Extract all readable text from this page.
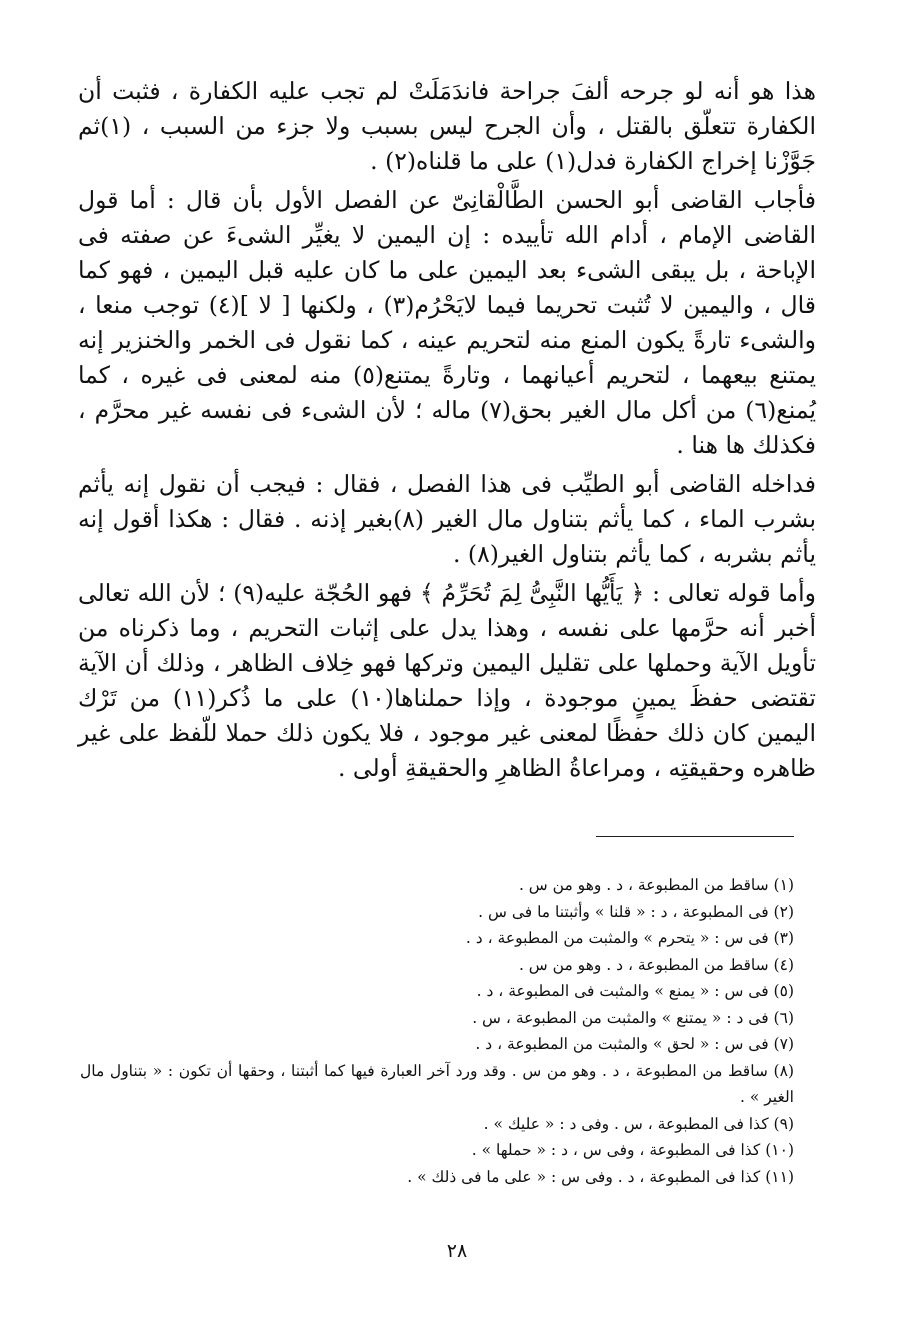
هذا هو أنه لو جرحه ألفَ جراحة فاندَمَلَتْ لم تجب عليه الكفارة ، فثبت أن الكفارة تتعلّق بالقتل ، وأن الجرح ليس بسبب ولا جزء من السبب ، (١)ثم جَوَّزْنا إخراج الكفارة فدل(١) على ما قلناه(٢) .

فأجاب القاضى أبو الحسن الطَّالْقانِىّ عن الفصل الأول بأن قال : أما قول القاضى الإمام ، أدام الله تأييده : إن اليمين لا يغيِّر الشىءَ عن صفته فى الإباحة ، بل يبقى الشىء بعد اليمين على ما كان عليه قبل اليمين ، فهو كما قال ، واليمين لا تُثبت تحريما فيما لايَحْرُم(٣) ، ولكنها [ لا ](٤) توجب منعا ، والشىء تارةً يكون المنع منه لتحريم عينه ، كما نقول فى الخمر والخنزير إنه يمتنع بيعهما ، لتحريم أعيانهما ، وتارةً يمتنع(٥) منه لمعنى فى غيره ، كما يُمنع(٦) من أكل مال الغير بحق(٧) ماله ؛ لأن الشىء فى نفسه غير محرَّم ، فكذلك ها هنا .

فداخله القاضى أبو الطيِّب فى هذا الفصل ، فقال : فيجب أن نقول إنه يأثم بشرب الماء ، كما يأثم بتناول مال الغير (٨)بغير إذنه . فقال : هكذا أقول إنه يأثم بشربه ، كما يأثم بتناول الغير(٨) .

وأما قوله تعالى : ﴿ يَأَيُّها النَّبِىُّ لِمَ تُحَرِّمُ ﴾ فهو الحُجّة عليه(٩) ؛ لأن الله تعالى أخبر أنه حرَّمها على نفسه ، وهذا يدل على إثبات التحريم ، وما ذكرناه من تأويل الآية وحملها على تقليل اليمين وتركها فهو خِلاف الظاهر ، وذلك أن الآية تقتضى حفظَ يمينٍ موجودة ، وإذا حملناها(١٠) على ما ذُكر(١١) من تَرْك اليمين كان ذلك حفظًا لمعنى غير موجود ، فلا يكون ذلك حملا للّفظ على غير ظاهره وحقيقتِه ، ومراعاةُ الظاهرِ والحقيقةِ أولى .

(١) ساقط من المطبوعة ، د . وهو من س .
(٢) فى المطبوعة ، د : « قلنا » وأثبتنا ما فى س .
(٣) فى س : « يتحرم » والمثبت من المطبوعة ، د .
(٤) ساقط من المطبوعة ، د . وهو من س .
(٥) فى س : « يمنع » والمثبت فى المطبوعة ، د .
(٦) فى د : « يمتنع » والمثبت من المطبوعة ، س .
(٧) فى س : « لحق » والمثبت من المطبوعة ، د .
(٨) ساقط من المطبوعة ، د . وهو من س . وقد ورد آخر العبارة فيها كما أثبتنا ، وحقها أن تكون : « بتناول مال الغير » .
(٩) كذا فى المطبوعة ، س . وفى د : « عليك » .
(١٠) كذا فى المطبوعة ، وفى س ، د : « حملها » .
(١١) كذا فى المطبوعة ، د . وفى س : « على ما فى ذلك » .
٢٨
